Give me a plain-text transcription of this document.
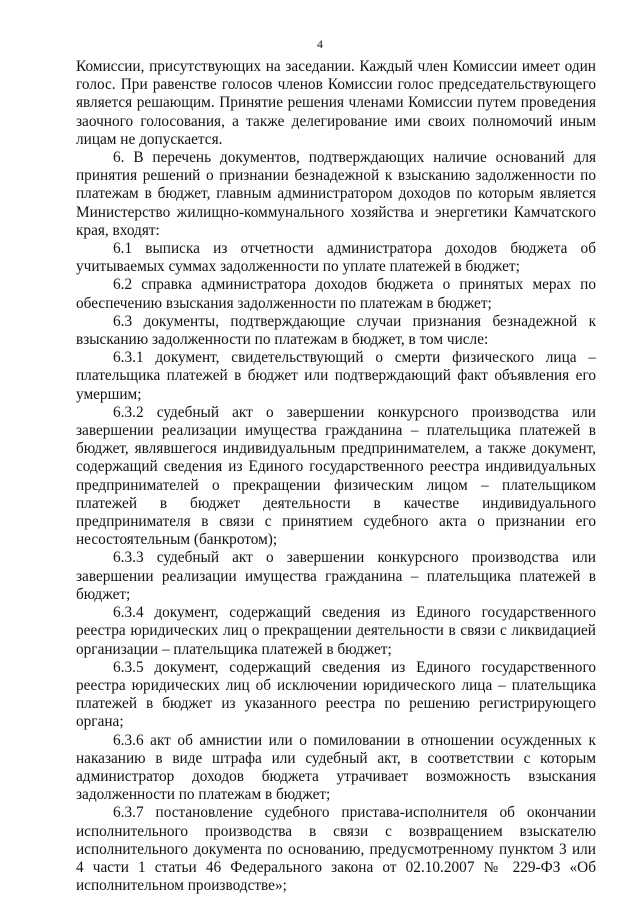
4

Комиссии, присутствующих на заседании. Каждый член Комиссии имеет один голос. При равенстве голосов членов Комиссии голос председательствующего является решающим. Принятие решения членами Комиссии путем проведения заочного голосования, а также делегирование ими своих полномочий иным лицам не допускается.

6. В перечень документов, подтверждающих наличие оснований для принятия решений о признании безнадежной к взысканию задолженности по платежам в бюджет, главным администратором доходов по которым является Министерство жилищно-коммунального хозяйства и энергетики Камчатского края, входят:

6.1 выписка из отчетности администратора доходов бюджета об учитываемых суммах задолженности по уплате платежей в бюджет;

6.2 справка администратора доходов бюджета о принятых мерах по обеспечению взыскания задолженности по платежам в бюджет;

6.3 документы, подтверждающие случаи признания безнадежной к взысканию задолженности по платежам в бюджет, в том числе:

6.3.1 документ, свидетельствующий о смерти физического лица – плательщика платежей в бюджет или подтверждающий факт объявления его умершим;

6.3.2 судебный акт о завершении конкурсного производства или завершении реализации имущества гражданина – плательщика платежей в бюджет, являвшегося индивидуальным предпринимателем, а также документ, содержащий сведения из Единого государственного реестра индивидуальных предпринимателей о прекращении физическим лицом – плательщиком платежей в бюджет деятельности в качестве индивидуального предпринимателя в связи с принятием судебного акта о признании его несостоятельным (банкротом);

6.3.3 судебный акт о завершении конкурсного производства или завершении реализации имущества гражданина – плательщика платежей в бюджет;

6.3.4 документ, содержащий сведения из Единого государственного реестра юридических лиц о прекращении деятельности в связи с ликвидацией организации – плательщика платежей в бюджет;

6.3.5 документ, содержащий сведения из Единого государственного реестра юридических лиц об исключении юридического лица – плательщика платежей в бюджет из указанного реестра по решению регистрирующего органа;

6.3.6 акт об амнистии или о помиловании в отношении осужденных к наказанию в виде штрафа или судебный акт, в соответствии с которым администратор доходов бюджета утрачивает возможность взыскания задолженности по платежам в бюджет;

6.3.7 постановление судебного пристава-исполнителя об окончании исполнительного производства в связи с возвращением взыскателю исполнительного документа по основанию, предусмотренному пунктом 3 или 4 части 1 статьи 46 Федерального закона от 02.10.2007 № 229-ФЗ «Об исполнительном производстве»;
